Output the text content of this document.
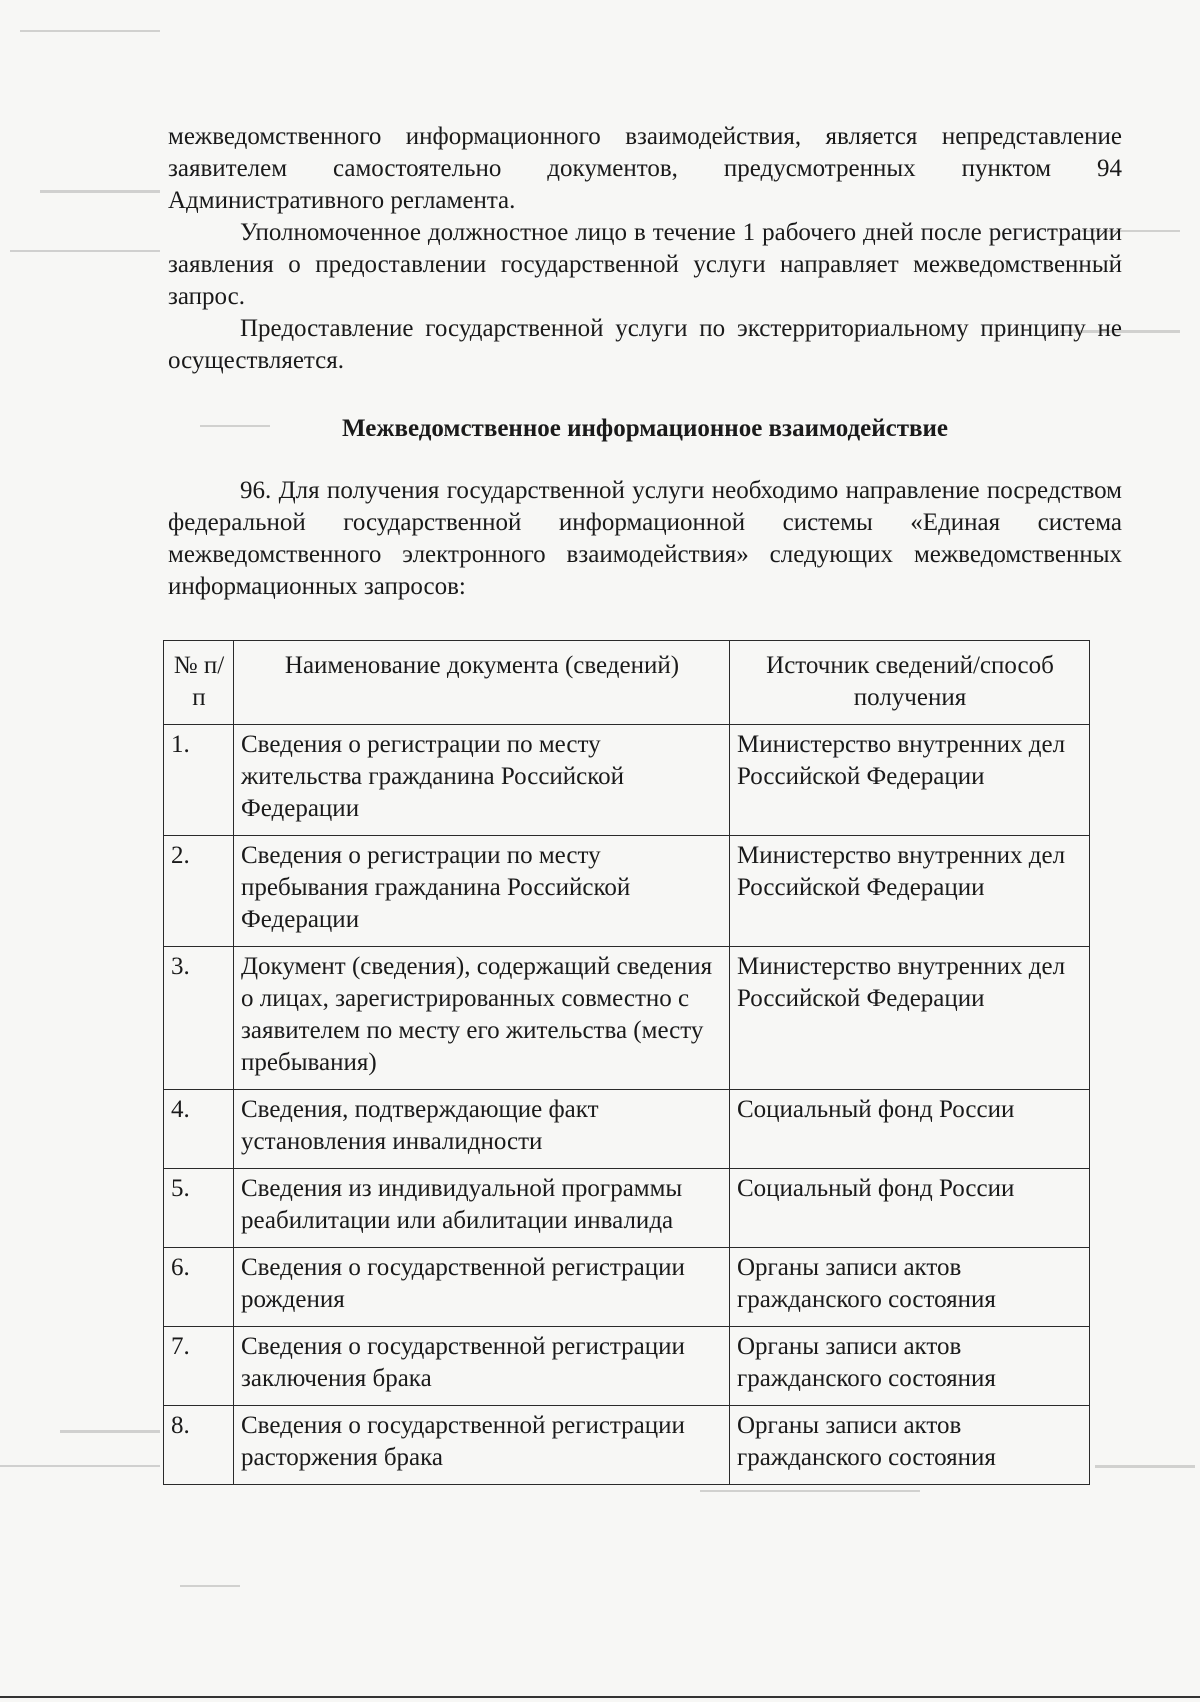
межведомственного информационного взаимодействия, является непредставление заявителем самостоятельно документов, предусмотренных пунктом 94 Административного регламента.

Уполномоченное должностное лицо в течение 1 рабочего дней после регистрации заявления о предоставлении государственной услуги направляет межведомственный запрос.

Предоставление государственной услуги по экстерриториальному принципу не осуществляется.

Межведомственное информационное взаимодействие

96. Для получения государственной услуги необходимо направление посредством федеральной государственной информационной системы «Единая система межведомственного электронного взаимодействия» следующих межведомственных информационных запросов:

№ п/п	Наименование документа (сведений)	Источник сведений/способ получения
1.	Сведения о регистрации по месту жительства гражданина Российской Федерации	Министерство внутренних дел Российской Федерации
2.	Сведения о регистрации по месту пребывания гражданина Российской Федерации	Министерство внутренних дел Российской Федерации
3.	Документ (сведения), содержащий сведения о лицах, зарегистрированных совместно с заявителем по месту его жительства (месту пребывания)	Министерство внутренних дел Российской Федерации
4.	Сведения, подтверждающие факт установления инвалидности	Социальный фонд России
5.	Сведения из индивидуальной программы реабилитации или абилитации инвалида	Социальный фонд России
6.	Сведения о государственной регистрации рождения	Органы записи актов гражданского состояния
7.	Сведения о государственной регистрации заключения брака	Органы записи актов гражданского состояния
8.	Сведения о государственной регистрации расторжения брака	Органы записи актов гражданского состояния
